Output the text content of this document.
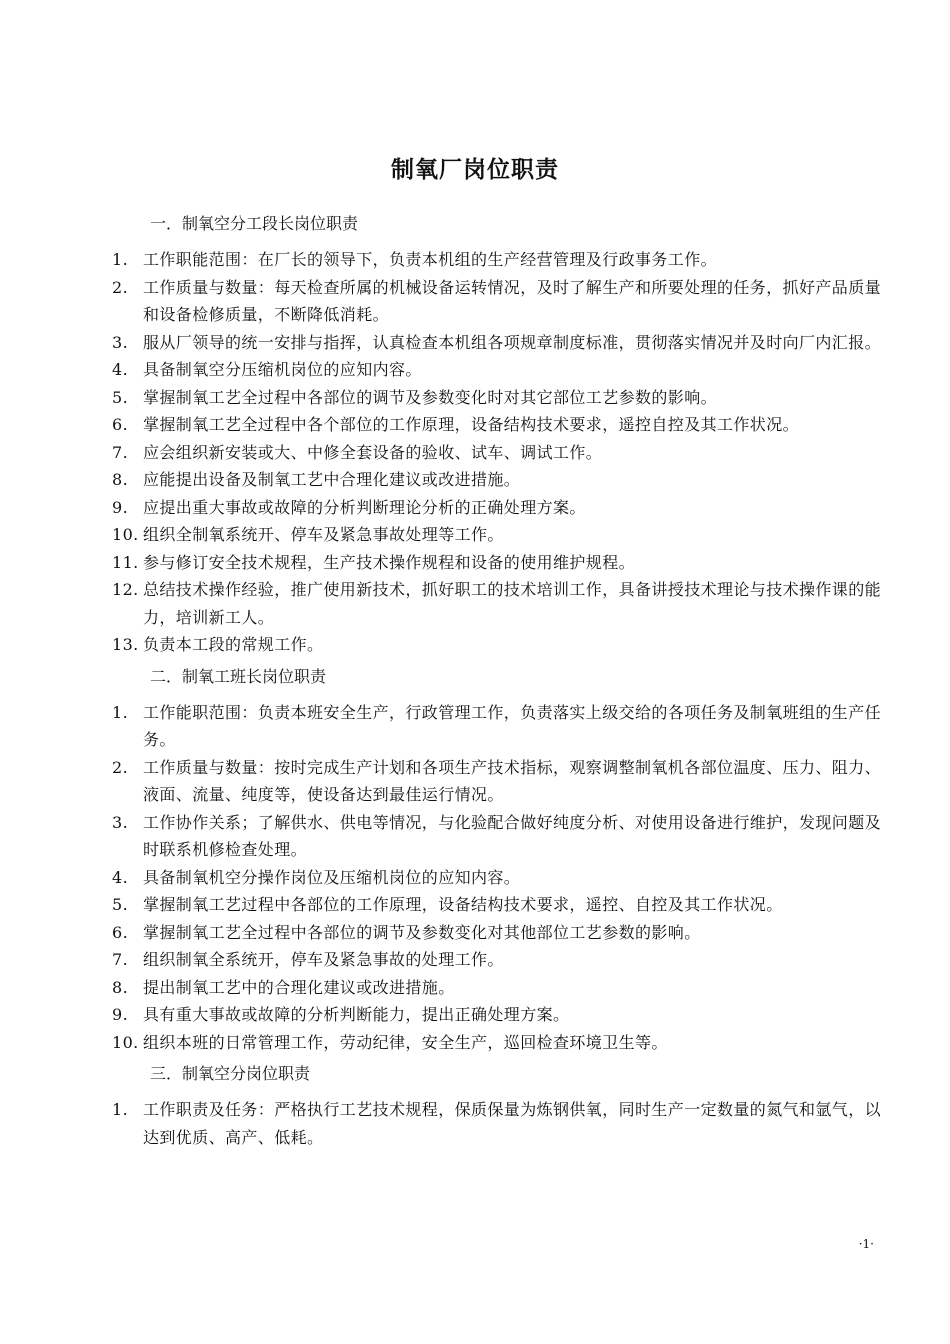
制氧厂岗位职责
一．制氧空分工段长岗位职责
1. 工作职能范围：在厂长的领导下，负责本机组的生产经营管理及行政事务工作。
2. 工作质量与数量：每天检查所属的机械设备运转情况，及时了解生产和所要处理的任务，抓好产品质量和设备检修质量，不断降低消耗。
3. 服从厂领导的统一安排与指挥，认真检查本机组各项规章制度标准，贯彻落实情况并及时向厂内汇报。
4. 具备制氧空分压缩机岗位的应知内容。
5. 掌握制氧工艺全过程中各部位的调节及参数变化时对其它部位工艺参数的影响。
6. 掌握制氧工艺全过程中各个部位的工作原理，设备结构技术要求，遥控自控及其工作状况。
7. 应会组织新安装或大、中修全套设备的验收、试车、调试工作。
8. 应能提出设备及制氧工艺中合理化建议或改进措施。
9. 应提出重大事故或故障的分析判断理论分析的正确处理方案。
10. 组织全制氧系统开、停车及紧急事故处理等工作。
11. 参与修订安全技术规程，生产技术操作规程和设备的使用维护规程。
12. 总结技术操作经验，推广使用新技术，抓好职工的技术培训工作，具备讲授技术理论与技术操作课的能力，培训新工人。
13. 负责本工段的常规工作。
二．制氧工班长岗位职责
1. 工作能职范围：负责本班安全生产，行政管理工作，负责落实上级交给的各项任务及制氧班组的生产任务。
2. 工作质量与数量：按时完成生产计划和各项生产技术指标，观察调整制氧机各部位温度、压力、阻力、液面、流量、纯度等，使设备达到最佳运行情况。
3. 工作协作关系；了解供水、供电等情况，与化验配合做好纯度分析、对使用设备进行维护，发现问题及时联系机修检查处理。
4. 具备制氧机空分操作岗位及压缩机岗位的应知内容。
5. 掌握制氧工艺过程中各部位的工作原理，设备结构技术要求，遥控、自控及其工作状况。
6. 掌握制氧工艺全过程中各部位的调节及参数变化对其他部位工艺参数的影响。
7. 组织制氧全系统开，停车及紧急事故的处理工作。
8. 提出制氧工艺中的合理化建议或改进措施。
9. 具有重大事故或故障的分析判断能力，提出正确处理方案。
10. 组织本班的日常管理工作，劳动纪律，安全生产，巡回检查环境卫生等。
三．制氧空分岗位职责
1. 工作职责及任务：严格执行工艺技术规程，保质保量为炼钢供氧，同时生产一定数量的氮气和氩气，以达到优质、高产、低耗。
·1·
